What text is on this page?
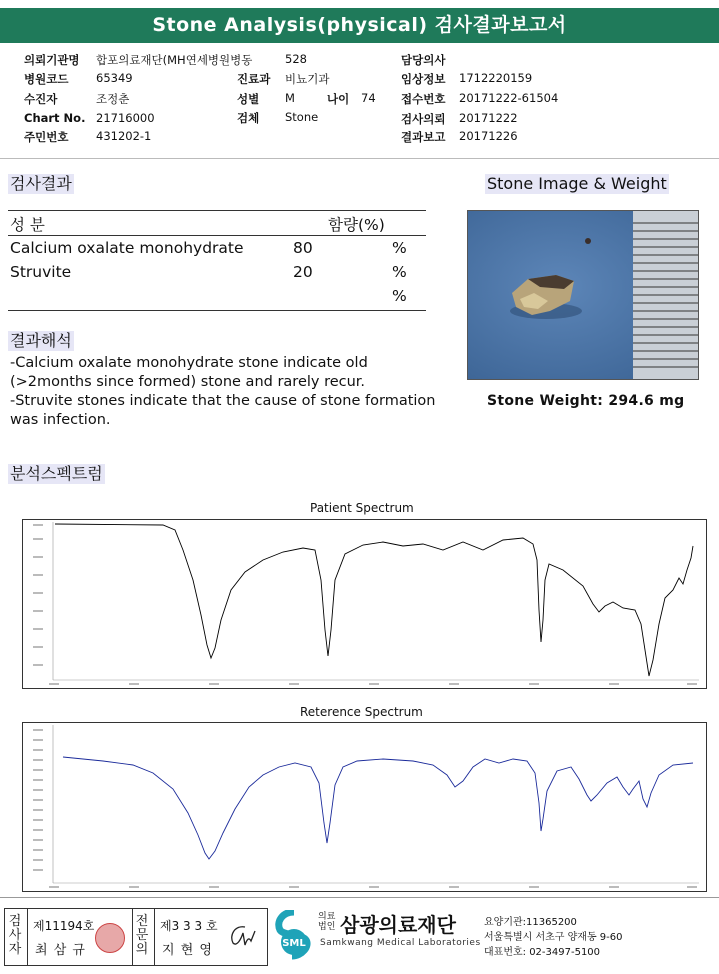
Stone Analysis(physical) 검사결과보고서
의뢰기관명 합포의료재단(MH연세병원병동	528	담당의사
병원코드 65349	진료과 비뇨기과	임상정보 1712220159
수진자	조정춘	성별 M	나이 74 접수번호 20171222-61504
Chart No. 21716000	검체 Stone	검사의뢰 20171222
주민번호 431202-1	결과보고 20171226
검사결과
성 분	함량(%)
Calcium oxalate monohydrate	80	%
Struvite	20	%
%
결과해석
-Calcium oxalate monohydrate stone indicate old (>2months since formed) stone and rarely recur.
-Struvite stones indicate that the cause of stone formation was infection.
Stone Image & Weight
Stone Weight: 294.6 mg
분석스펙트럼
Patient Spectrum
Reterence Spectrum
검사자
제11194호
최 삼 규
전문의
제3 3 3 호
지 현 영	SML
의료
법인 삼광의료재단
Samkwang Medical Laboratories
요양기관:11365200
서울특별시 서초구 양재동 9-60
대표번호: 02-3497-5100
